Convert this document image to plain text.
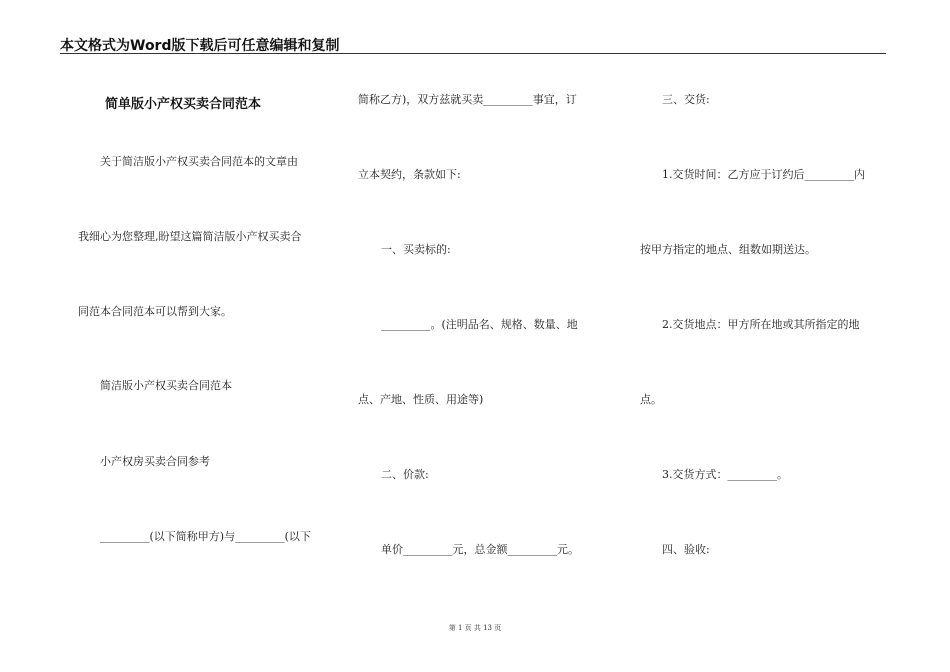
本文格式为Word版下载后可任意编辑和复制
简单版小产权买卖合同范本
关于简洁版小产权买卖合同范本的文章由
我细心为您整理,盼望这篇简洁版小产权买卖合
同范本合同范本可以帮到大家。
简洁版小产权买卖合同范本
小产权房买卖合同参考
_________(以下简称甲方)与_________(以下
简称乙方)，双方兹就买卖_________事宜，订
立本契约，条款如下:
一、买卖标的:
_________。(注明品名、规格、数量、地
点、产地、性质、用途等)
二、价款:
单价_________元，总金额_________元。
三、交货:
1.交货时间：乙方应于订约后_________内
按甲方指定的地点、组数如期送达。
2.交货地点：甲方所在地或其所指定的地
点。
3.交货方式：_________。
四、验收:
第 1 页 共 13 页
